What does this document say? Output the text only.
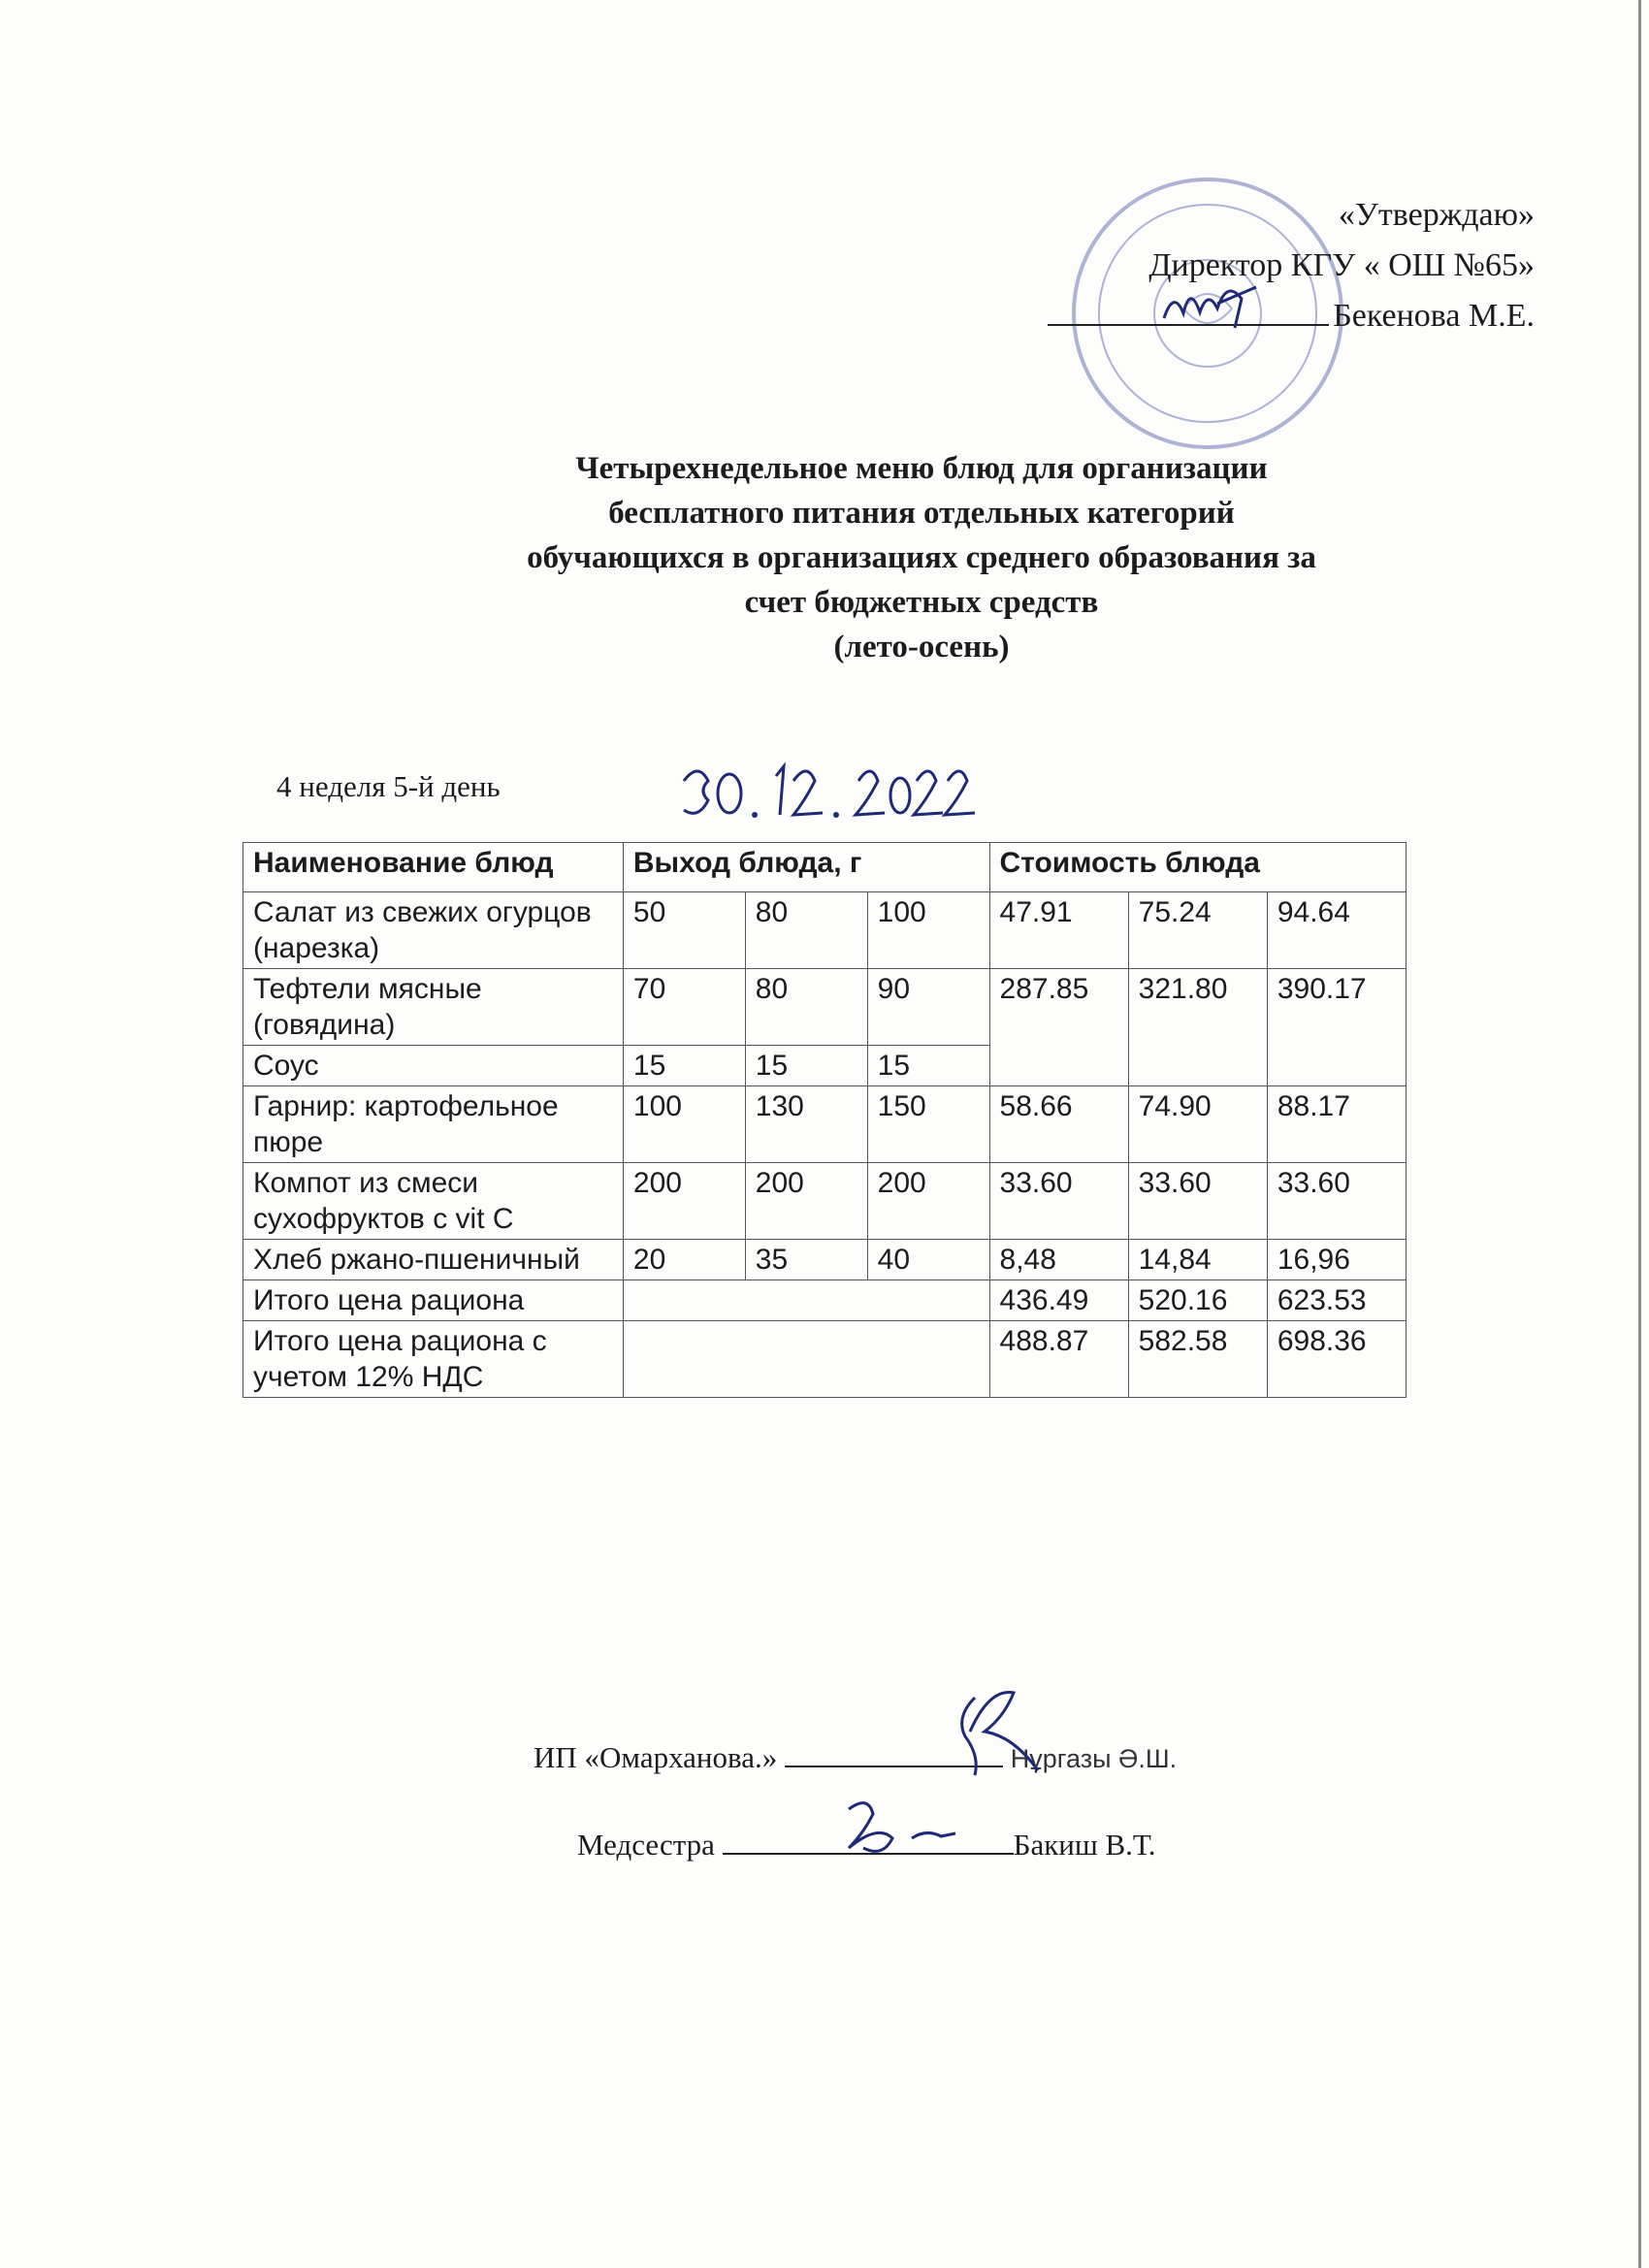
«Утверждаю»
Директор КГУ « ОШ №65»
Бекенова М.Е.
Четырехнедельное меню блюд для организации
бесплатного питания отдельных категорий
обучающихся в организациях среднего образования за
счет бюджетных средств
(лето-осень)
4 неделя 5-й день
Наименование блюд	Выход блюда, г			Стоимость блюда		
Салат из свежих огурцов (нарезка)	50	80	100	47.91	75.24	94.64
Тефтели мясные (говядина)	70	80	90	287.85	321.80	390.17
Соус	15	15	15			
Гарнир: картофельное пюре	100	130	150	58.66	74.90	88.17
Компот из смеси сухофруктов с vit C	200	200	200	33.60	33.60	33.60
Хлеб ржано-пшеничный	20	35	40	8,48	14,84	16,96
Итого цена рациона				436.49	520.16	623.53
Итого цена рациона с учетом 12% НДС				488.87	582.58	698.36
ИП «Омарханова.»	Нұргазы Ә.Ш.
Медсестра	Бакиш В.Т.
